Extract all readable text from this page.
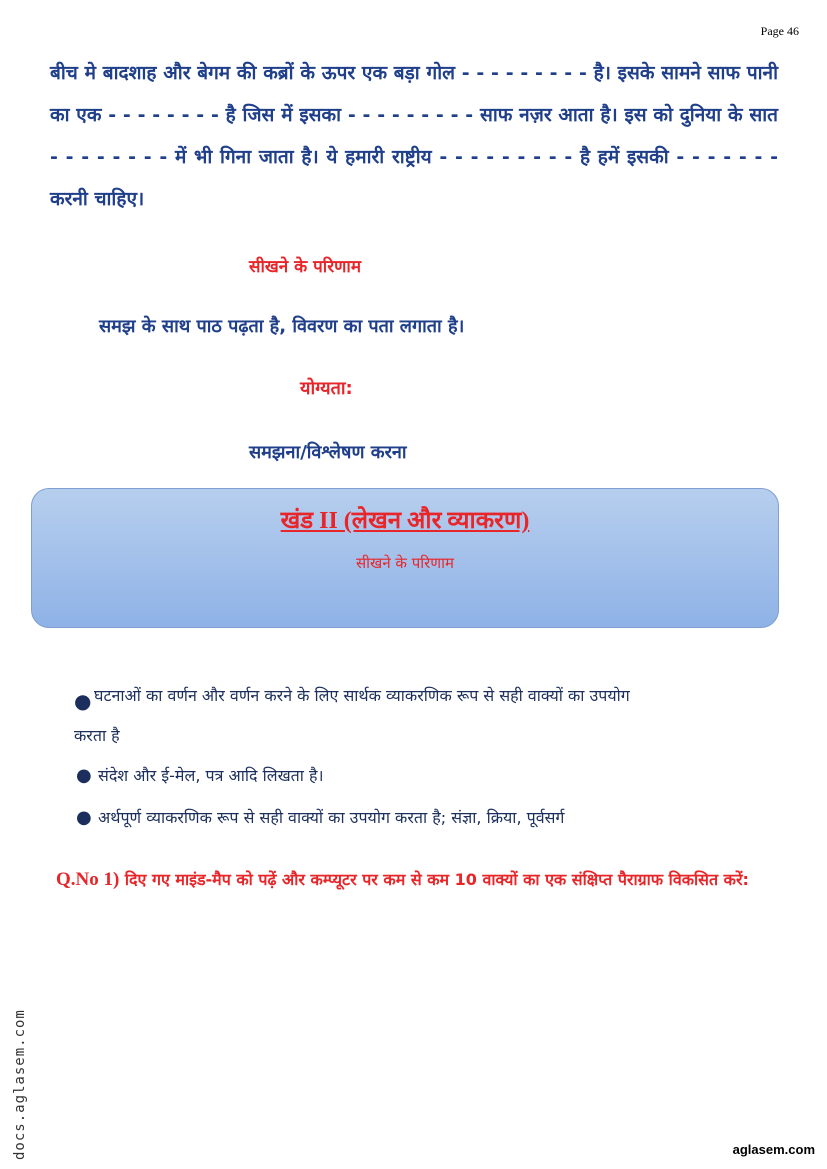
Page 46

बीच मे बादशाह और बेगम की कब्रों के ऊपर एक बड़ा गोल - - - - - - - - - है। इसके सामने साफ पानी का एक - - - - - - - - है जिस में इसका - - - - - - - - - साफ नज़र आता है। इस को दुनिया के सात - - - - - - - - में भी गिना जाता है। ये हमारी राष्ट्रीय - - - - - - - - - है हमें इसकी - - - - - - - करनी चाहिए।

सीखने के परिणाम

समझ के साथ पाठ पढ़ता है, विवरण का पता लगाता है।

योग्यता:

समझना/विश्लेषण करना

खंड II (लेखन और व्याकरण)
सीखने के परिणाम
● घटनाओं का वर्णन और वर्णन करने के लिए सार्थक व्याकरणिक रूप से सही वाक्यों का उपयोग
करता है
● संदेश और ई-मेल, पत्र आदि लिखता है।
● अर्थपूर्ण व्याकरणिक रूप से सही वाक्यों का उपयोग करता है; संज्ञा, क्रिया, पूर्वसर्ग

Q.No 1) दिए गए माइंड-मैप को पढ़ें और कम्प्यूटर पर कम से कम 10 वाक्यों का एक संक्षिप्त पैराग्राफ विकसित करें:

docs.aglasem.com	aglasem.com
